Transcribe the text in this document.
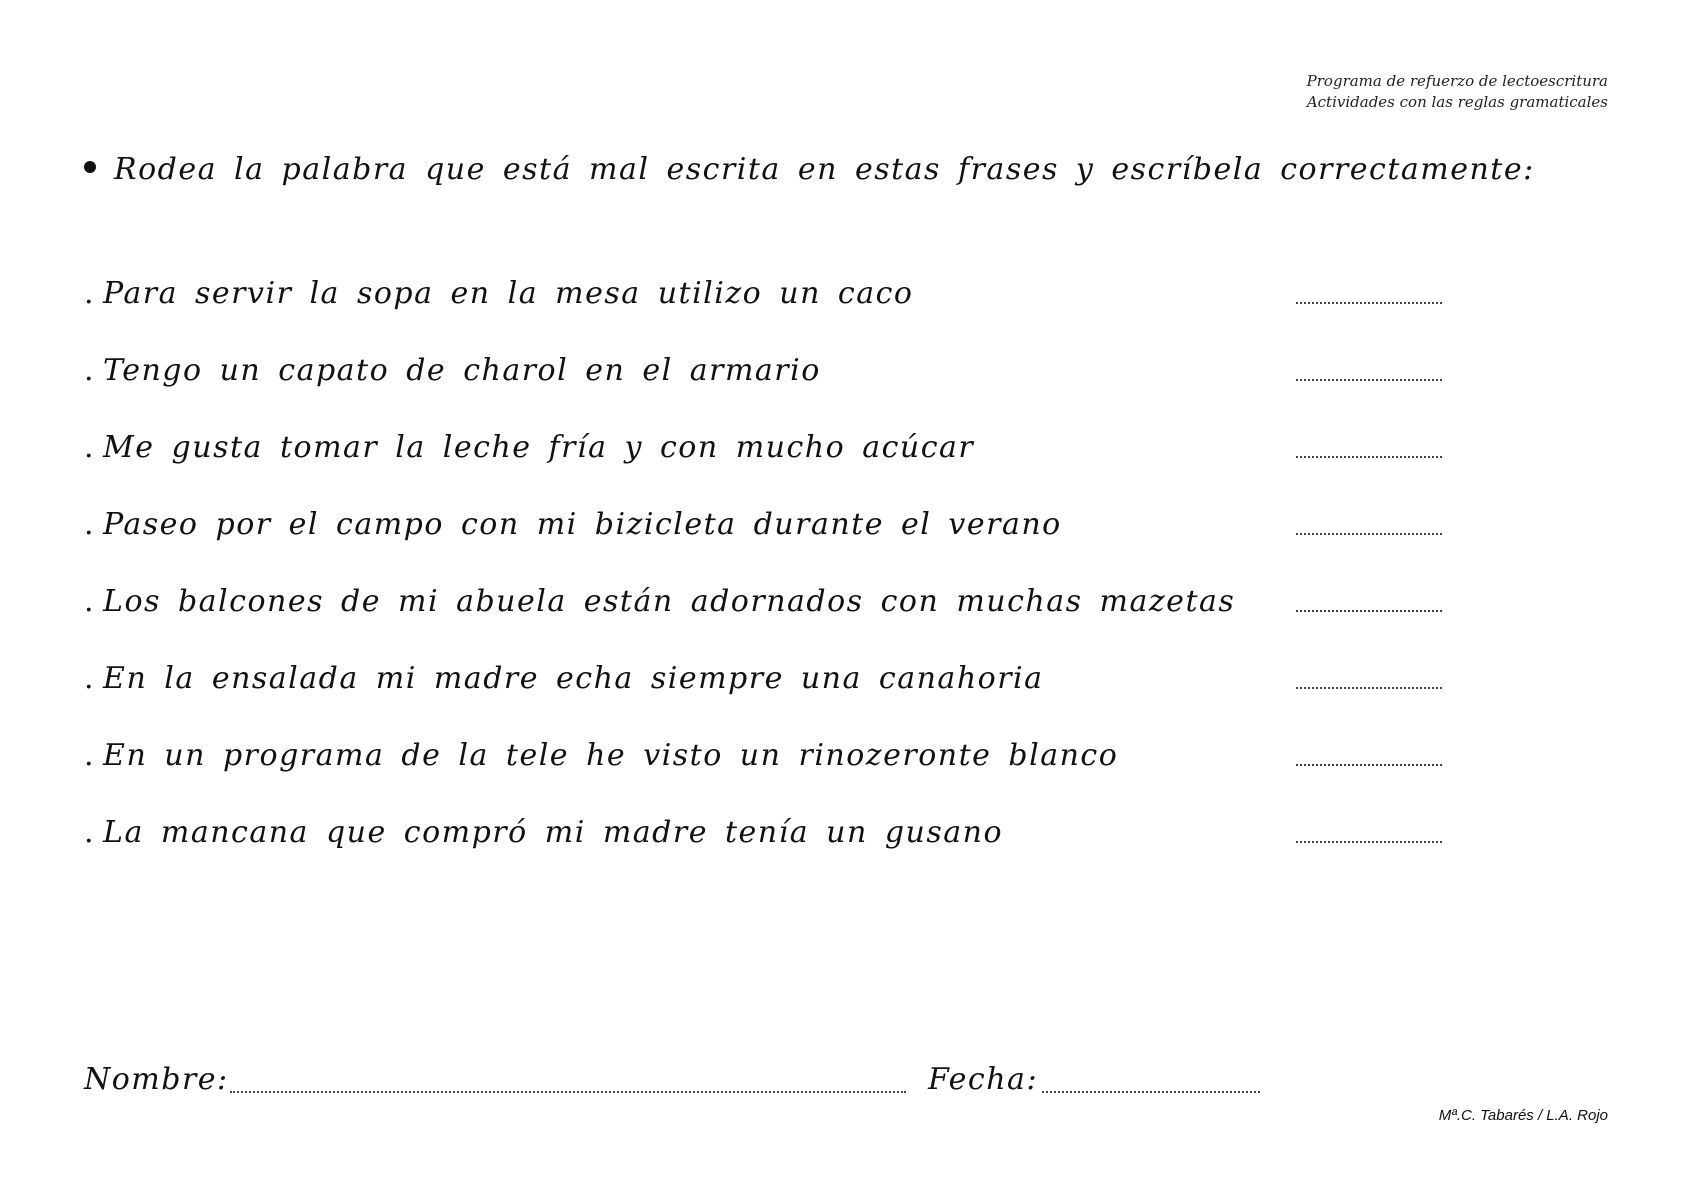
Programa de refuerzo de lectoescritura
Actividades con las reglas gramaticales
Rodea la palabra que está mal escrita en estas frases y escríbela correctamente:
. Para servir la sopa en la mesa utilizo un caco
. Tengo un capato de charol en el armario
. Me gusta tomar la leche fría y con mucho acúcar
. Paseo por el campo con mi bizicleta durante el verano
. Los balcones de mi abuela están adornados con muchas mazetas
. En la ensalada mi madre echa siempre una canahoria
. En un programa de la tele he visto un rinozeronte blanco
. La mancana que compró mi madre tenía un gusano
Nombre:	Fecha:
Mª.C. Tabarés / L.A. Rojo
